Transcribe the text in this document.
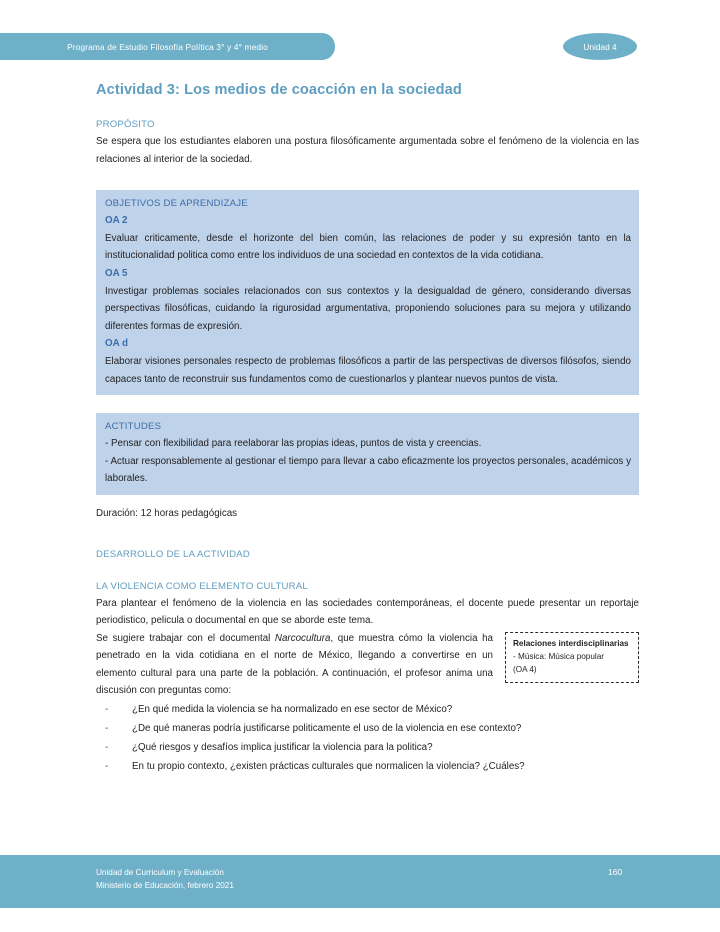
Programa de Estudio Filosofía Política 3° y 4° medio	Unidad 4
Actividad 3: Los medios de coacción en la sociedad
PROPÓSITO

Se espera que los estudiantes elaboren una postura filosóficamente argumentada sobre el fenómeno de la violencia en las relaciones al interior de la sociedad.

OBJETIVOS DE APRENDIZAJE
OA 2
Evaluar criticamente, desde el horizonte del bien común, las relaciones de poder y su expresión tanto en la institucionalidad politica como entre los individuos de una sociedad en contextos de la vida cotidiana.
OA 5
Investigar problemas sociales relacionados con sus contextos y la desigualdad de género, considerando diversas perspectivas filosóficas, cuidando la rigurosidad argumentativa, proponiendo soluciones para su mejora y utilizando diferentes formas de expresión.
OA d
Elaborar visiones personales respecto de problemas filosóficos a partir de las perspectivas de diversos filósofos, siendo capaces tanto de reconstruir sus fundamentos como de cuestionarlos y plantear nuevos puntos de vista.
ACTITUDES
- Pensar con flexibilidad para reelaborar las propias ideas, puntos de vista y creencias.
- Actuar responsablemente al gestionar el tiempo para llevar a cabo eficazmente los proyectos personales, académicos y laborales.

Duración: 12 horas pedagógicas

DESARROLLO DE LA ACTIVIDAD
LA VIOLENCIA COMO ELEMENTO CULTURAL

Para plantear el fenómeno de la violencia en las sociedades contemporáneas, el docente puede presentar un reportaje periodistico, pelicula o documental en que se aborde este tema.

Relaciones interdisciplinarias
- Música: Música popular
(OA 4)

Se sugiere trabajar con el documental Narcocultura, que muestra cómo la violencia ha penetrado en la vida cotidiana en el norte de México, llegando a convertirse en un elemento cultural para una parte de la población. A continuación, el profesor anima una discusión con preguntas como:

- ¿En qué medida la violencia se ha normalizado en ese sector de México?
- ¿De qué maneras podría justificarse politicamente el uso de la violencia en ese contexto?
- ¿Qué riesgos y desafíos implica justificar la violencia para la politica?
- En tu propio contexto, ¿existen prácticas culturales que normalicen la violencia? ¿Cuáles?
Unidad de Curriculum y Evaluación
Ministerio de Educación, febrero 2021
160
